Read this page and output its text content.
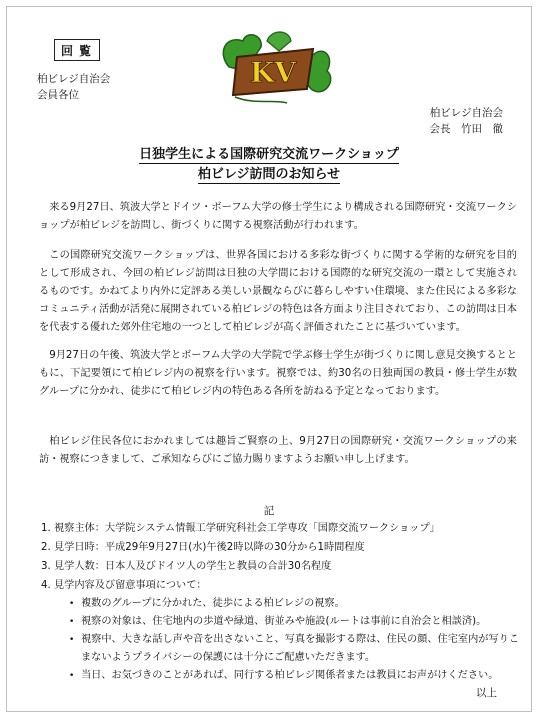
回覧
KV
柏ビレジ自治会
会員各位
柏ビレジ自治会
会長　竹田　徹
日独学生による国際研究交流ワークショップ
柏ビレジ訪問のお知らせ

来る9月27日、筑波大学とドイツ・ボーフム大学の修士学生により構成される国際研究・交流ワークショップが柏ビレジを訪問し、街づくりに関する視察活動が行われます。

この国際研究交流ワークショップは、世界各国における多彩な街づくりに関する学術的な研究を目的として形成され、今回の柏ビレジ訪問は日独の大学間における国際的な研究交流の一環として実施されるものです。かねてより内外に定評ある美しい景観ならびに暮らしやすい住環境、また住民による多彩なコミュニティ活動が活発に展開されている柏ビレジの特色は各方面より注目されており、この訪問は日本を代表する優れた郊外住宅地の一つとして柏ビレジが高く評価されたことに基づいています。

9月27日の午後、筑波大学とボーフム大学の大学院で学ぶ修士学生が街づくりに関し意見交換するとともに、下記要領にて柏ビレジ内の視察を行います。視察では、約30名の日独両国の教員・修士学生が数グループに分かれ、徒歩にて柏ビレジ内の特色ある各所を訪ねる予定となっております。

柏ビレジ住民各位におかれましては趣旨ご賢察の上、9月27日の国際研究・交流ワークショップの来訪・視察につきまして、ご承知ならびにご協力賜りますようお願い申し上げます。

記
1. 視察主体：大学院システム情報工学研究科社会工学専攻「国際交流ワークショップ」
2. 見学日時：平成29年9月27日(水)午後2時以降の30分から1時間程度
3. 見学人数：日本人及びドイツ人の学生と教員の合計30名程度
4. 見学内容及び留意事項について：
• 複数のグループに分かれた、徒歩による柏ビレジの視察。
• 視察の対象は、住宅地内の歩道や緑道、街並みや施設(ルートは事前に自治会と相談済)。
• 視察中、大きな話し声や音を出さないこと、写真を撮影する際は、住民の顔、住宅室内が写りこまないようプライバシーの保護には十分にご配慮いただきます。
• 当日、お気づきのことがあれば、同行する柏ビレジ関係者または教員にお声がけください。
以上
